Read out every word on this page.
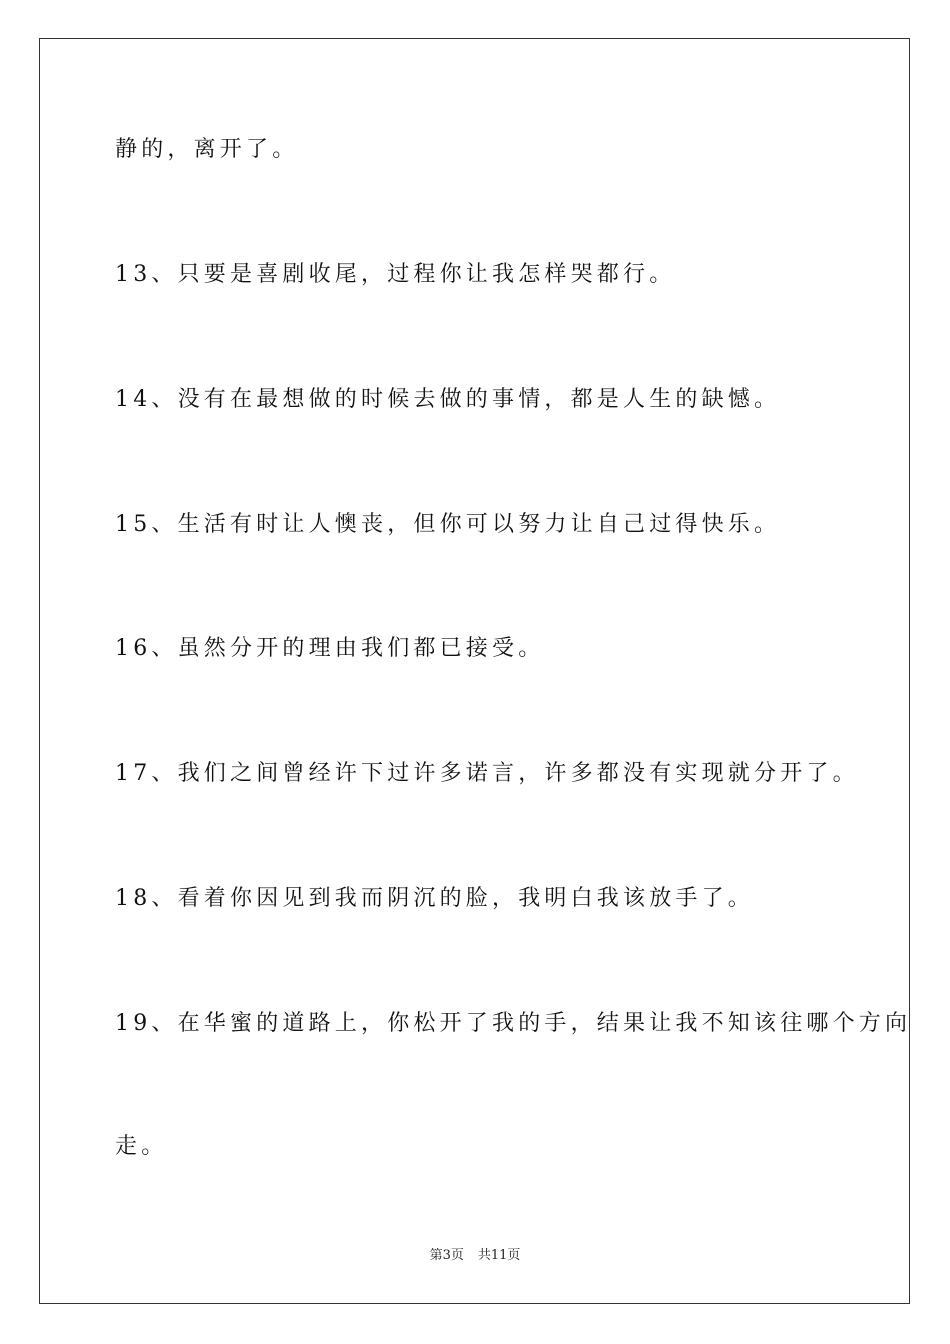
静的，离开了。
13、只要是喜剧收尾，过程你让我怎样哭都行。
14、没有在最想做的时候去做的事情，都是人生的缺憾。
15、生活有时让人懊丧，但你可以努力让自己过得快乐。
16、虽然分开的理由我们都已接受。
17、我们之间曾经许下过许多诺言，许多都没有实现就分开了。
18、看着你因见到我而阴沉的脸，我明白我该放手了。
19、在华蜜的道路上，你松开了我的手，结果让我不知该往哪个方向
走。
第3页 共11页
